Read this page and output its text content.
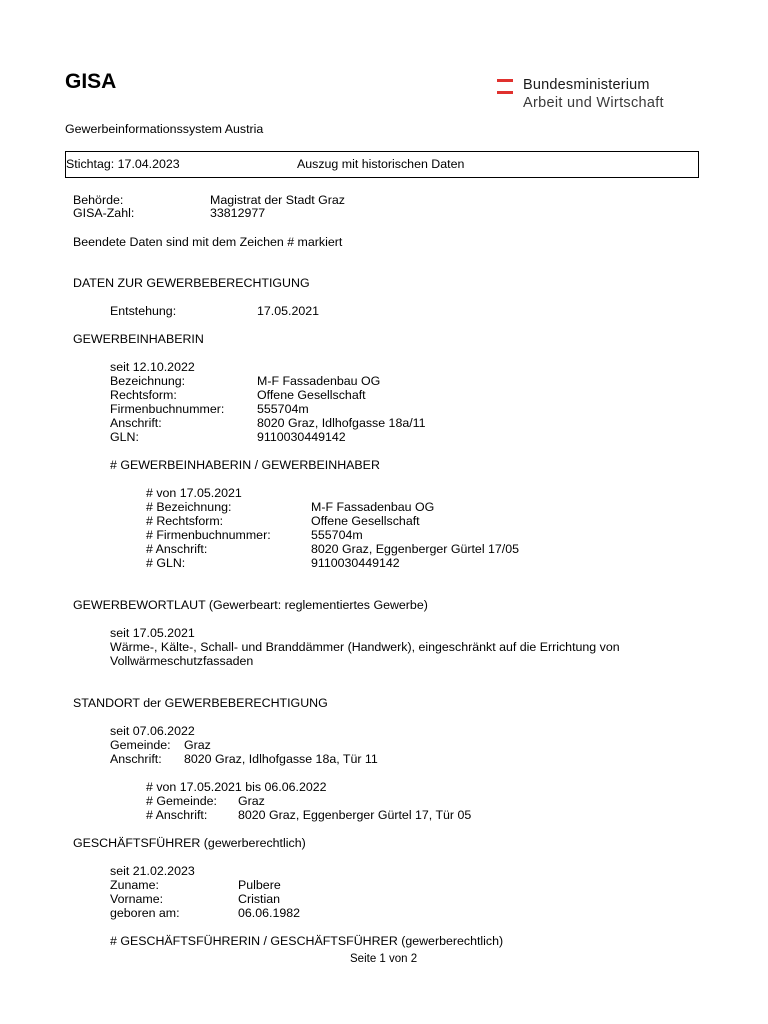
GISA	Bundesministerium
Arbeit und Wirtschaft
Gewerbeinformationssystem Austria
Stichtag: 17.04.2023	Auszug mit historischen Daten
Behörde:	Magistrat der Stadt Graz
GISA-Zahl:	33812977
Beendete Daten sind mit dem Zeichen # markiert
DATEN ZUR GEWERBEBERECHTIGUNG
Entstehung:	17.05.2021
GEWERBEINHABERIN
seit 12.10.2022
Bezeichnung:	M-F Fassadenbau OG
Rechtsform:	Offene Gesellschaft
Firmenbuchnummer:	555704m
Anschrift:	8020 Graz, Idlhofgasse 18a/11
GLN:	9110030449142
# GEWERBEINHABERIN / GEWERBEINHABER
# von 17.05.2021
# Bezeichnung:	M-F Fassadenbau OG
# Rechtsform:	Offene Gesellschaft
# Firmenbuchnummer:	555704m
# Anschrift:	8020 Graz, Eggenberger Gürtel 17/05
# GLN:	9110030449142
GEWERBEWORTLAUT (Gewerbeart: reglementiertes Gewerbe)
seit 17.05.2021
Wärme-, Kälte-, Schall- und Branddämmer (Handwerk), eingeschränkt auf die Errichtung von
Vollwärmeschutzfassaden
STANDORT der GEWERBEBERECHTIGUNG
seit 07.06.2022
Gemeinde: Graz
Anschrift: 8020 Graz, Idlhofgasse 18a, Tür 11
# von 17.05.2021 bis 06.06.2022
# Gemeinde: Graz
# Anschrift: 8020 Graz, Eggenberger Gürtel 17, Tür 05
GESCHÄFTSFÜHRER (gewerberechtlich)
seit 21.02.2023
Zuname:	Pulbere
Vorname:	Cristian
geboren am:	06.06.1982
# GESCHÄFTSFÜHRERIN / GESCHÄFTSFÜHRER (gewerberechtlich)
Seite 1 von 2
